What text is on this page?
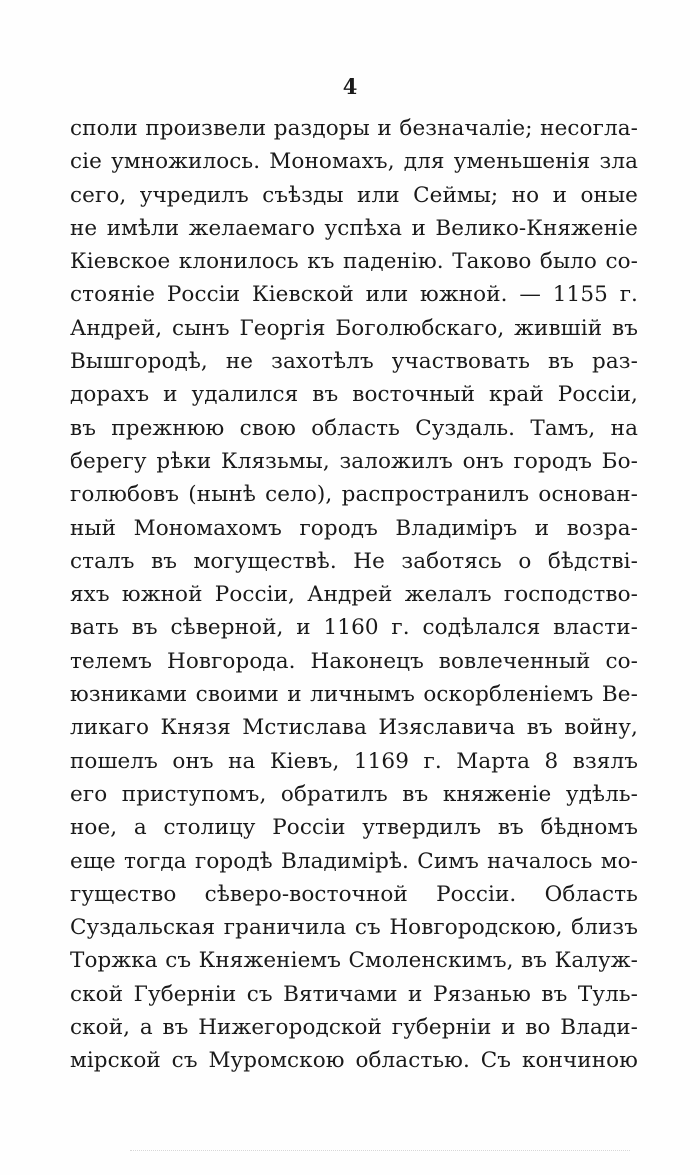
4
споли произвели раздоры и безначаліе; несогла-
сіе умножилось. Мономахъ, для уменьшенія зла
сего, учредилъ съѣзды или Сеймы; но и оные
не имѣли желаемаго успѣха и Велико-Княженіе
Кіевское клонилось къ паденію. Таково было со-
стояніе Россіи Кіевской или южной. — 1155 г.
Андрей, сынъ Георгія Боголюбскаго, жившій въ
Вышгородѣ, не захотѣлъ участвовать въ раз-
дорахъ и удалился въ восточный край Россіи,
въ прежнюю свою область Суздаль. Тамъ, на
берегу рѣки Клязьмы, заложилъ онъ городъ Бо-
голюбовъ (нынѣ село), распространилъ основан-
ный Мономахомъ городъ Владиміръ и возра-
сталъ въ могуществѣ. Не заботясь о бѣдствi-
яхъ южной Россіи, Андрей желалъ господство-
вать въ сѣверной, и 1160 г. содѣлался власти-
телемъ Новгорода. Наконецъ вовлеченный со-
юзниками своими и личнымъ оскорбленіемъ Ве-
ликаго Князя Мстислава Изяславича въ войну,
пошелъ онъ на Кіевъ, 1169 г. Марта 8 взялъ
его приступомъ, обратилъ въ княженіе удѣль-
ное, а столицу Россіи утвердилъ въ бѣдномъ
еще тогда городѣ Владимірѣ. Симъ началось мо-
гущество сѣверо-восточной Россіи. Область
Суздальская граничила съ Новгородскою, близъ
Торжка съ Княженіемъ Смоленскимъ, въ Калуж-
ской Губерніи съ Вятичами и Рязанью въ Туль-
ской, а въ Нижегородской губерніи и во Влади-
мірской съ Муромскою областью. Съ кончиною
